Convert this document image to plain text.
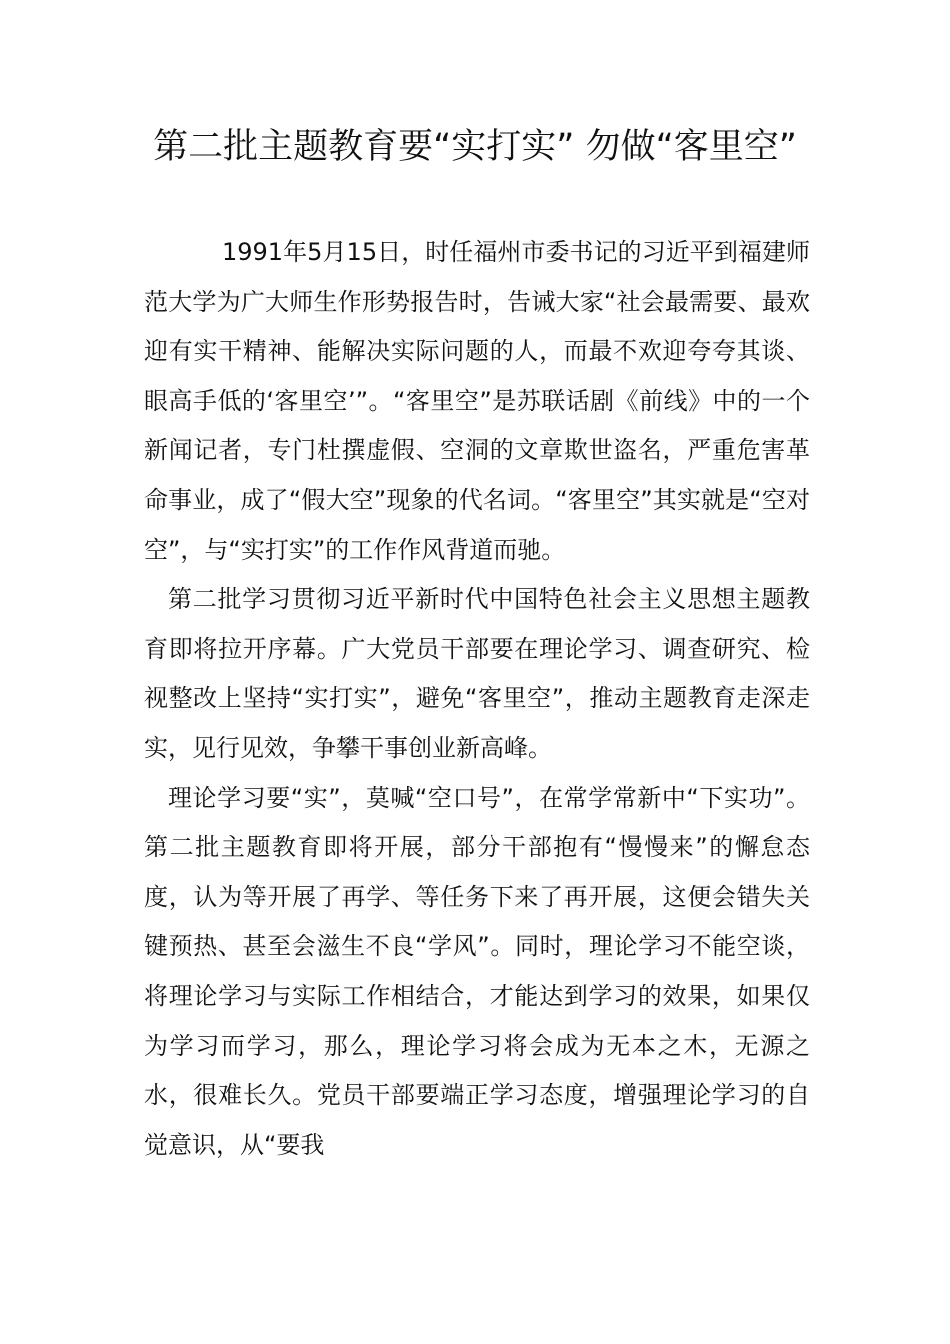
第二批主题教育要“实打实” 勿做“客里空”

1991年5月15日，时任福州市委书记的习近平到福建师范大学为广大师生作形势报告时，告诫大家“社会最需要、最欢迎有实干精神、能解决实际问题的人，而最不欢迎夸夸其谈、眼高手低的‘客里空’”。“客里空”是苏联话剧《前线》中的一个新闻记者，专门杜撰虚假、空洞的文章欺世盗名，严重危害革命事业，成了“假大空”现象的代名词。“客里空”其实就是“空对空”，与“实打实”的工作作风背道而驰。

第二批学习贯彻习近平新时代中国特色社会主义思想主题教育即将拉开序幕。广大党员干部要在理论学习、调查研究、检视整改上坚持“实打实”，避免“客里空”，推动主题教育走深走实，见行见效，争攀干事创业新高峰。

理论学习要“实”，莫喊“空口号”，在常学常新中“下实功”。第二批主题教育即将开展，部分干部抱有“慢慢来”的懈怠态度，认为等开展了再学、等任务下来了再开展，这便会错失关键预热、甚至会滋生不良“学风”。同时，理论学习不能空谈，将理论学习与实际工作相结合，才能达到学习的效果，如果仅为学习而学习，那么，理论学习将会成为无本之木，无源之水，很难长久。党员干部要端正学习态度，增强理论学习的自觉意识，从“要我
